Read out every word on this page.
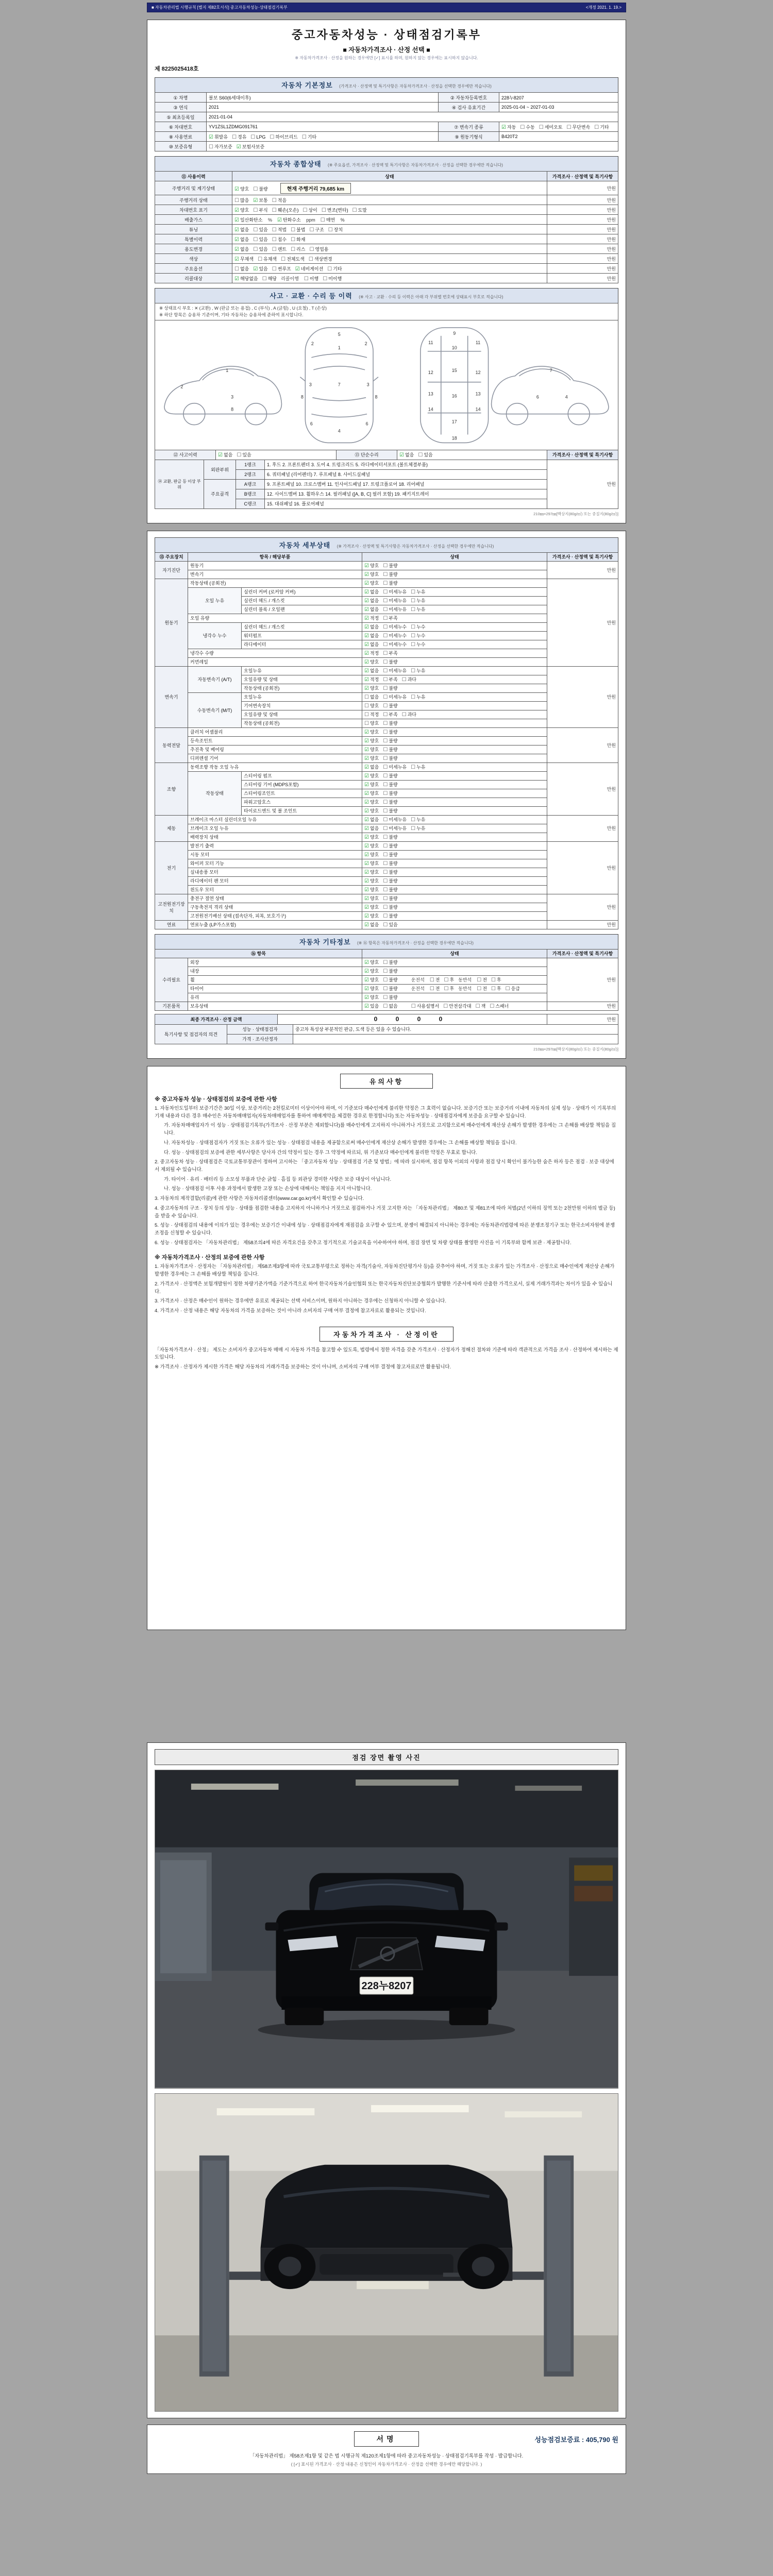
■ 자동차관리법 시행규칙 [별지 제82호서식] 중고자동차성능·상태점검기록부	<개정 2021. 1. 19.>
중고자동차성능 · 상태점검기록부
■ 자동차가격조사 · 산정 선택 ■
※ 자동차가격조사 · 산정을 원하는 경우에만 [✓] 표시를 하며, 원하지 않는 경우에는 표시하지 않습니다.
제 8225025418호
자동차 기본정보 (가격조사 · 산정액 및 특기사항은 자동차가격조사 · 산정을 선택한 경우에만 적습니다)
① 차명	볼보 S60(6세대이후)	② 자동차등록번호	228누8207
③ 연식	2021	④ 검사 유효기간	2025-01-04 ~ 2027-01-03
⑤ 최초등록일	2021-01-04		
⑥ 차대번호	YV1ZSL1ZDMG091761	⑦ 변속기 종류	☑ 자동 ☐ 수동 ☐ 세미오토 ☐ 무단변속 ☐ 기타
⑧ 사용연료	☑ 휘발유 ☐ 경유 ☐ LPG ☐ 하이브리드 ☐ 기타	⑨ 원동기형식	B420T2
⑩ 보증유형	☐ 자가보증 ☑ 보험사보증		
자동차 종합상태 (※ 주요옵션, 가격조사 · 산정액 및 특기사항은 자동차가격조사 · 산정을 선택한 경우에만 적습니다)
⑪ 사용이력	상태	가격조사 · 산정액 및 특기사항
주행거리 및 계기상태	☑ 양호 ☐ 불량 현재 주행거리 79,685 km	만원
주행거리 상태	☐ 많음 ☑ 보통 ☐ 적음	만원
차대번호 표기	☑ 양호 ☐ 부식 ☐ 훼손(오손) ☐ 상이 ☐ 변조(변타) ☐ 도말	만원
배출가스	☑ 일산화탄소 % ☑ 탄화수소 ppm ☐ 매연 %	만원
튜닝	☑ 없음 ☐ 있음 ☐ 적법 ☐ 불법 ☐ 구조 ☐ 장치	만원
특별이력	☑ 없음 ☐ 있음 ☐ 침수 ☐ 화재	만원
용도변경	☑ 없음 ☐ 있음 ☐ 렌트 ☐ 리스 ☐ 영업용	만원
색상	☑ 무채색 ☐ 유채색 ☐ 전체도색 ☐ 색상변경	만원
주요옵션	☐ 없음 ☑ 있음 ☐ 썬루프 ☑ 네비게이션 ☐ 기타	만원
리콜대상	☑ 해당없음 ☐ 해당 리콜이행 ☐ 이행 ☐ 미이행	만원
사고 · 교환 · 수리 등 이력 (※ 사고 · 교환 · 수리 등 이력은 아래 각 부위별 번호에 상태표시 부호로 적습니다)
※ 상태표시 부호 : ✕ (교환) , W (판금 또는 용접) , C (부식) , A (긁힘) , U (요철) , T (손상)
※ 하단 항목은 승용차 기준이며, 기타 자동차는 승용차에 준하여 표시합니다.
1
2
3
8
5
1
2	2
3	3
7
6	6
4
8	8
9
10
11	11
12	12
13	13
15
16
17
18
14	14
7
6	4
⑫ 사고이력	☑ 없음 ☐ 있음	⑬ 단순수리	☑ 없음 ☐ 있음	가격조사 · 산정액 및 특기사항
⑭ 교환, 판금 등 이상 부위	외판부위	1랭크	1. 후드 2. 프론트펜더 3. 도어 4. 트렁크리드 5. 라디에이터서포트 (볼트체결부품)	만원
		2랭크	6. 쿼터패널 (리어펜더) 7. 루프패널 8. 사이드실패널	
	주요골격	A랭크	9. 프론트패널 10. 크로스멤버 11. 인사이드패널 17. 트렁크플로어 18. 리어패널	
		B랭크	12. 사이드멤버 13. 휠하우스 14. 필러패널 ([A, B, C] 필러 포함) 19. 패키지트레이	
		C랭크	15. 대쉬패널 16. 플로어패널	
210㎜×297㎜[백상지(80g/㎡) 또는 중질지(80g/㎡)]
자동차 세부상태 (※ 가격조사 · 산정액 및 특기사항은 자동차가격조사 · 산정을 선택한 경우에만 적습니다)
⑮ 주요장치	항목 / 해당부품		상태	가격조사 · 산정액 및 특기사항
자기진단	원동기		☑ 양호 ☐ 불량	만원
	변속기		☑ 양호 ☐ 불량	
원동기	작동상태 (공회전)		☑ 양호 ☐ 불량	만원
	오일 누유	실린더 커버 (로커암 커버)	☑ 없음 ☐ 미세누유 ☐ 누유	
		실린더 헤드 / 개스킷	☑ 없음 ☐ 미세누유 ☐ 누유	
		실린더 블록 / 오일팬	☑ 없음 ☐ 미세누유 ☐ 누유	
	오일 유량		☑ 적정 ☐ 부족	
	냉각수 누수	실린더 헤드 / 개스킷	☑ 없음 ☐ 미세누수 ☐ 누수	
		워터펌프	☑ 없음 ☐ 미세누수 ☐ 누수	
		라디에이터	☑ 없음 ☐ 미세누수 ☐ 누수	
	냉각수 수량		☑ 적정 ☐ 부족	
	커먼레일		☑ 양호 ☐ 불량	
변속기	자동변속기 (A/T)	오일누유	☑ 없음 ☐ 미세누유 ☐ 누유	만원
		오일유량 및 상태	☑ 적정 ☐ 부족 ☐ 과다	
		작동상태 (공회전)	☑ 양호 ☐ 불량	
	수동변속기 (M/T)	오일누유	☐ 없음 ☐ 미세누유 ☐ 누유	
		기어변속장치	☐ 양호 ☐ 불량	
		오일유량 및 상태	☐ 적정 ☐ 부족 ☐ 과다	
		작동상태 (공회전)	☐ 양호 ☐ 불량	
동력전달	클러치 어셈블리		☑ 양호 ☐ 불량	만원
	등속조인트		☑ 양호 ☐ 불량	
	추진축 및 베어링		☑ 양호 ☐ 불량	
	디퍼렌셜 기어		☑ 양호 ☐ 불량	
조향	동력조향 작동 오일 누유		☑ 없음 ☐ 미세누유 ☐ 누유	만원
	작동상태	스티어링 펌프	☑ 양호 ☐ 불량	
		스티어링 기어 (MDPS포함)	☑ 양호 ☐ 불량	
		스티어링조인트	☑ 양호 ☐ 불량	
		파워고압호스	☑ 양호 ☐ 불량	
		타이로드엔드 및 볼 조인트	☑ 양호 ☐ 불량	
제동	브레이크 마스터 실린더오일 누유		☑ 없음 ☐ 미세누유 ☐ 누유	만원
	브레이크 오일 누유		☑ 없음 ☐ 미세누유 ☐ 누유	
	배력장치 상태		☑ 양호 ☐ 불량	
전기	발전기 출력		☑ 양호 ☐ 불량	만원
	시동 모터		☑ 양호 ☐ 불량	
	와이퍼 모터 기능		☑ 양호 ☐ 불량	
	실내송풍 모터		☑ 양호 ☐ 불량	
	라디에이터 팬 모터		☑ 양호 ☐ 불량	
	윈도우 모터		☑ 양호 ☐ 불량	
고전원전기장치	충전구 절연 상태		☑ 양호 ☐ 불량	만원
	구동축전지 격리 상태		☑ 양호 ☐ 불량	
	고전원전기배선 상태 (접속단자, 피복, 보호기구)		☑ 양호 ☐ 불량	
연료	연료누출 (LP가스포함)		☑ 없음 ☐ 있음	만원
자동차 기타정보 (※ ⑯ 항목은 자동차가격조사 · 산정을 선택한 경우에만 적습니다)
⑯ 항목		상태	가격조사 · 산정액 및 특기사항
수리필요	외장	☑ 양호 ☐ 불량	만원
	내장	☑ 양호 ☐ 불량	
	휠	☑ 양호 ☐ 불량 운전석 ☐ 전 ☐ 후 동반석 ☐ 전 ☐ 후	
	타이어	☑ 양호 ☐ 불량 운전석 ☐ 전 ☐ 후 동반석 ☐ 전 ☐ 후 ☐ 응급	
	유리	☑ 양호 ☐ 불량	
기본품목	보유상태	☑ 있음 ☐ 없음 ☐ 사용설명서 ☐ 안전삼각대 ☐ 잭 ☐ 스패너	만원
최종 가격조사 · 산정 금액	0 0 0 0	만원
특기사항 및 점검자의 의견	성능 · 상태점검자	중고차 특성상 부분적인 판금, 도색 등은 있을 수 있습니다.
	가격 · 조사산정자	
210㎜×297㎜[백상지(80g/㎡) 또는 중질지(80g/㎡)]
유의사항
※ 중고자동차 성능 · 상태점검의 보증에 관한 사항

1. 자동차인도일부터 보증기간은 30일 이상, 보증거리는 2천킬로미터 이상이어야 하며, 이 기준보다 매수인에게 불리한 약정은 그 효력이 없습니다. 보증기간 또는 보증거리 이내에 자동차의 실제 성능 · 상태가 이 기록부의 기재 내용과 다른 경우 매수인은 자동차매매업자(자동차매매업자를 통하여 매매계약을 체결한 경우로 한정합니다) 또는 자동차성능 · 상태점검자에게 보증을 요구할 수 있습니다.

가. 자동차매매업자가 이 성능 · 상태점검기록부(가격조사 · 산정 부분은 제외합니다)를 매수인에게 고지하지 아니하거나 거짓으로 고지함으로써 매수인에게 재산상 손해가 발생한 경우에는 그 손해를 배상할 책임을 집니다.

나. 자동차성능 · 상태점검자가 거짓 또는 오류가 있는 성능 · 상태점검 내용을 제공함으로써 매수인에게 재산상 손해가 발생한 경우에는 그 손해를 배상할 책임을 집니다.

다. 성능 · 상태점검의 보증에 관한 세부사항은 당사자 간의 약정이 있는 경우 그 약정에 따르되, 위 기준보다 매수인에게 불리한 약정은 무효로 합니다.

2. 중고자동차 성능 · 상태점검은 국토교통부장관이 정하여 고시하는 「중고자동차 성능 · 상태점검 기준 및 방법」에 따라 실시하며, 점검 항목 이외의 사항과 점검 당시 확인이 불가능한 숨은 하자 등은 점검 · 보증 대상에서 제외될 수 있습니다.

가. 타이어 · 유리 · 배터리 등 소모성 부품과 단순 긁힘 · 흠집 등 외관상 경미한 사항은 보증 대상이 아닙니다.

나. 성능 · 상태점검 이후 사용 과정에서 발생한 고장 또는 손상에 대해서는 책임을 지지 아니합니다.

3. 자동차의 제작결함(리콜)에 관한 사항은 자동차리콜센터(www.car.go.kr)에서 확인할 수 있습니다.

4. 중고자동차의 구조 · 장치 등의 성능 · 상태를 점검한 내용을 고지하지 아니하거나 거짓으로 점검하거나 거짓 고지한 자는 「자동차관리법」 제80조 및 제81조에 따라 처벌(2년 이하의 징역 또는 2천만원 이하의 벌금 등)을 받을 수 있습니다.

5. 성능 · 상태점검의 내용에 이의가 있는 경우에는 보증기간 이내에 성능 · 상태점검자에게 재점검을 요구할 수 있으며, 분쟁이 해결되지 아니하는 경우에는 자동차관리법령에 따른 분쟁조정기구 또는 한국소비자원에 분쟁조정을 신청할 수 있습니다.

6. 성능 · 상태점검자는 「자동차관리법」 제58조의4에 따른 자격요건을 갖추고 정기적으로 기술교육을 이수하여야 하며, 점검 장면 및 차량 상태를 촬영한 사진을 이 기록부와 함께 보관 · 제공합니다.

※ 자동차가격조사 · 산정의 보증에 관한 사항

1. 자동차가격조사 · 산정자는 「자동차관리법」 제58조제3항에 따라 국토교통부령으로 정하는 자격(기술사, 자동차진단평가사 등)을 갖추어야 하며, 거짓 또는 오류가 있는 가격조사 · 산정으로 매수인에게 재산상 손해가 발생한 경우에는 그 손해를 배상할 책임을 집니다.

2. 가격조사 · 산정액은 보험개발원이 정한 차량기준가액을 기준가격으로 하여 한국자동차기술인협회 또는 한국자동차진단보증협회가 발행한 기준서에 따라 산출한 가격으로서, 실제 거래가격과는 차이가 있을 수 있습니다.

3. 가격조사 · 산정은 매수인이 원하는 경우에만 유료로 제공되는 선택 서비스이며, 원하지 아니하는 경우에는 신청하지 아니할 수 있습니다.

4. 가격조사 · 산정 내용은 해당 자동차의 가격을 보증하는 것이 아니라 소비자의 구매 여부 결정에 참고자료로 활용되는 것입니다.

자동차가격조사 · 산정이란

「자동차가격조사 · 산정」 제도는 소비자가 중고자동차 매매 시 자동차 가격을 참고할 수 있도록, 법령에서 정한 자격을 갖춘 가격조사 · 산정자가 정해진 절차와 기준에 따라 객관적으로 가격을 조사 · 산정하여 제시하는 제도입니다.

※ 가격조사 · 산정자가 제시한 가격은 해당 자동차의 거래가격을 보증하는 것이 아니며, 소비자의 구매 여부 결정에 참고자료로만 활용됩니다.

점검 장면 촬영 사진
228누8207
서명	성능점검보증료 : 405,790 원
「자동차관리법」 제58조제1항 및 같은 법 시행규칙 제120조제1항에 따라 중고자동차성능 · 상태점검기록부를 작성 · 발급합니다.
( [✓] 표시된 가격조사 · 산정 내용은 신청인이 자동차가격조사 · 산정을 선택한 경우에만 해당합니다. )
